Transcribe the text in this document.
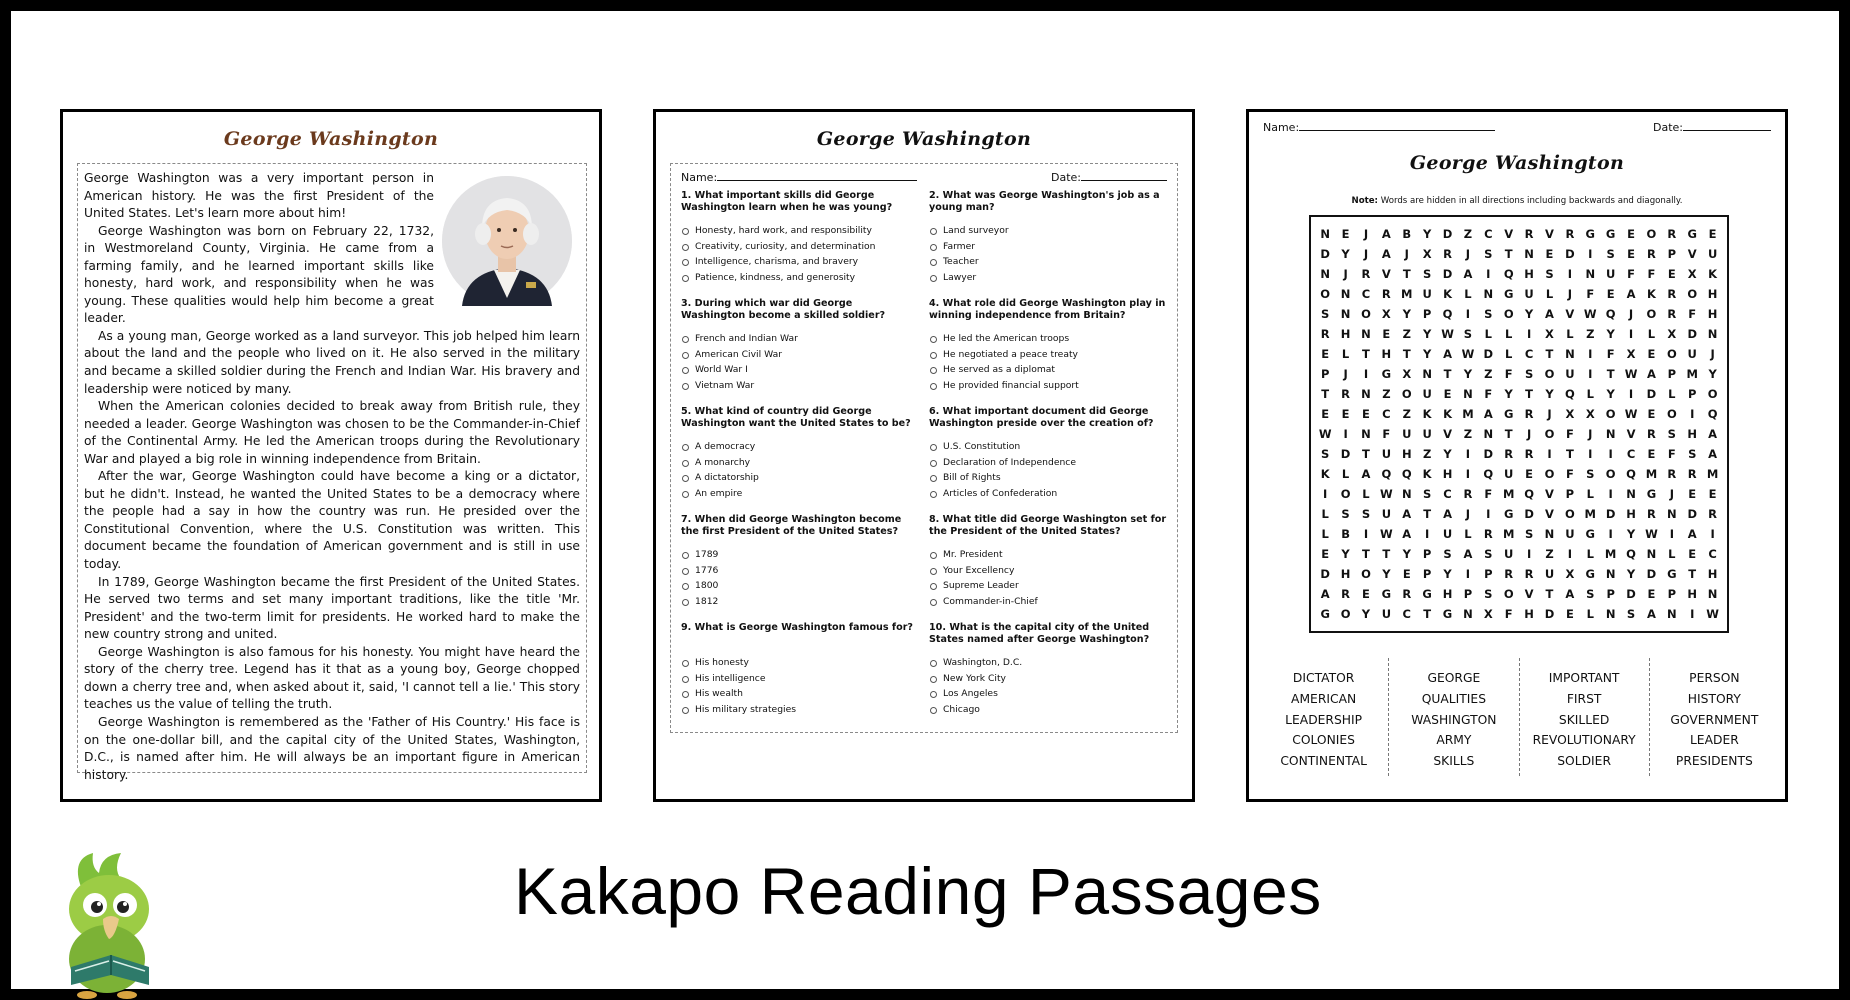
George Washington

George Washington was a very important person in American history. He was the first President of the United States. Let's learn more about him!

George Washington was born on February 22, 1732, in Westmoreland County, Virginia. He came from a farming family, and he learned important skills like honesty, hard work, and responsibility when he was young. These qualities would help him become a great leader.

As a young man, George worked as a land surveyor. This job helped him learn about the land and the people who lived on it. He also served in the military and became a skilled soldier during the French and Indian War. His bravery and leadership were noticed by many.

When the American colonies decided to break away from British rule, they needed a leader. George Washington was chosen to be the Commander-in-Chief of the Continental Army. He led the American troops during the Revolutionary War and played a big role in winning independence from Britain.

After the war, George Washington could have become a king or a dictator, but he didn't. Instead, he wanted the United States to be a democracy where the people had a say in how the country was run. He presided over the Constitutional Convention, where the U.S. Constitution was written. This document became the foundation of American government and is still in use today.

In 1789, George Washington became the first President of the United States. He served two terms and set many important traditions, like the title 'Mr. President' and the two-term limit for presidents. He worked hard to make the new country strong and united.

George Washington is also famous for his honesty. You might have heard the story of the cherry tree. Legend has it that as a young boy, George chopped down a cherry tree and, when asked about it, said, 'I cannot tell a lie.' This story teaches us the value of telling the truth.

George Washington is remembered as the 'Father of His Country.' His face is on the one-dollar bill, and the capital city of the United States, Washington, D.C., is named after him. He will always be an important figure in American history.

George Washington
Name:	Date:
1. What important skills did George Washington learn when he was young?
Honesty, hard work, and responsibility
Creativity, curiosity, and determination
Intelligence, charisma, and bravery
Patience, kindness, and generosity
2. What was George Washington's job as a young man?
Land surveyor
Farmer
Teacher
Lawyer
3. During which war did George Washington become a skilled soldier?
French and Indian War
American Civil War
World War I
Vietnam War
4. What role did George Washington play in winning independence from Britain?
He led the American troops
He negotiated a peace treaty
He served as a diplomat
He provided financial support
5. What kind of country did George Washington want the United States to be?
A democracy
A monarchy
A dictatorship
An empire
6. What important document did George Washington preside over the creation of?
U.S. Constitution
Declaration of Independence
Bill of Rights
Articles of Confederation
7. When did George Washington become the first President of the United States?
1789
1776
1800
1812
8. What title did George Washington set for the President of the United States?
Mr. President
Your Excellency
Supreme Leader
Commander-in-Chief
9. What is George Washington famous for?
His honesty
His intelligence
His wealth
His military strategies
10. What is the capital city of the United States named after George Washington?
Washington, D.C.
New York City
Los Angeles
Chicago
Name:	Date:
George Washington
Note: Words are hidden in all directions including backwards and diagonally.
N	E	J	A	B	Y D Z	C	V	R	V	R G G	E	O R G	E
D Y	J	A	J	X	R	J	S	T	N	E	D	I	S	E	R	P	V U
N	J	R	V	T	S D A	I	Q H S	I	N U	F	F	E	X K
O N C	R M U K	L	N G U	L	J	F	E	A K	R O H
S N O X	Y	P Q	I	S O Y	A V W Q	J	O R	F	H
R H N	E	Z	Y W S	L	L	I	X	L	Z	Y	I	L	X D N
E	L	T	H	T	Y	A W D	L	C	T	N	I	F	X	E	O U	J
P	J	I	G X N	T	Y	Z	F	S O U	I	T W A	P M Y
T	R N Z O U	E	N	F	Y	T	Y Q	L	Y	I	D	L	P O
E	E	E	C	Z	K K M A G R	J	X	X O W E	O	I	Q
W	I	N	F	U U V	Z N	T	J	O	F	J	N V	R	S H A
S D	T	U H Z	Y	I	D R	R	I	T	I	I	C	E	F	S	A
K	L	A Q Q K H	I	Q U	E	O	F	S O Q M R	R M
I	O	L W N S	C	R	F M Q V	P	L	I	N G	J	E	E
L	S	S	U A	T	A	J	I	G D V O M D H R N D R
L	B	I	W A	I	U	L	R M S N U G	I	Y W	I	A	I
E	Y	T	T	Y	P	S	A	S	U	I	Z	I	L M Q N	L	E	C
D H O Y	E	P	Y	I	P	R	R U X G N Y D G	T	H
A	R	E	G R G H P	S O V	T	A	S	P D	E	P H N
G O Y	U C	T	G N X	F	H D	E	L	N S	A N	I	W
DICTATOR
AMERICAN
LEADERSHIP
COLONIES
CONTINENTAL
GEORGE
QUALITIES
WASHINGTON
ARMY
SKILLS
IMPORTANT
FIRST
SKILLED
REVOLUTIONARY
SOLDIER
PERSON
HISTORY
GOVERNMENT
LEADER
PRESIDENTS
Kakapo Reading Passages
